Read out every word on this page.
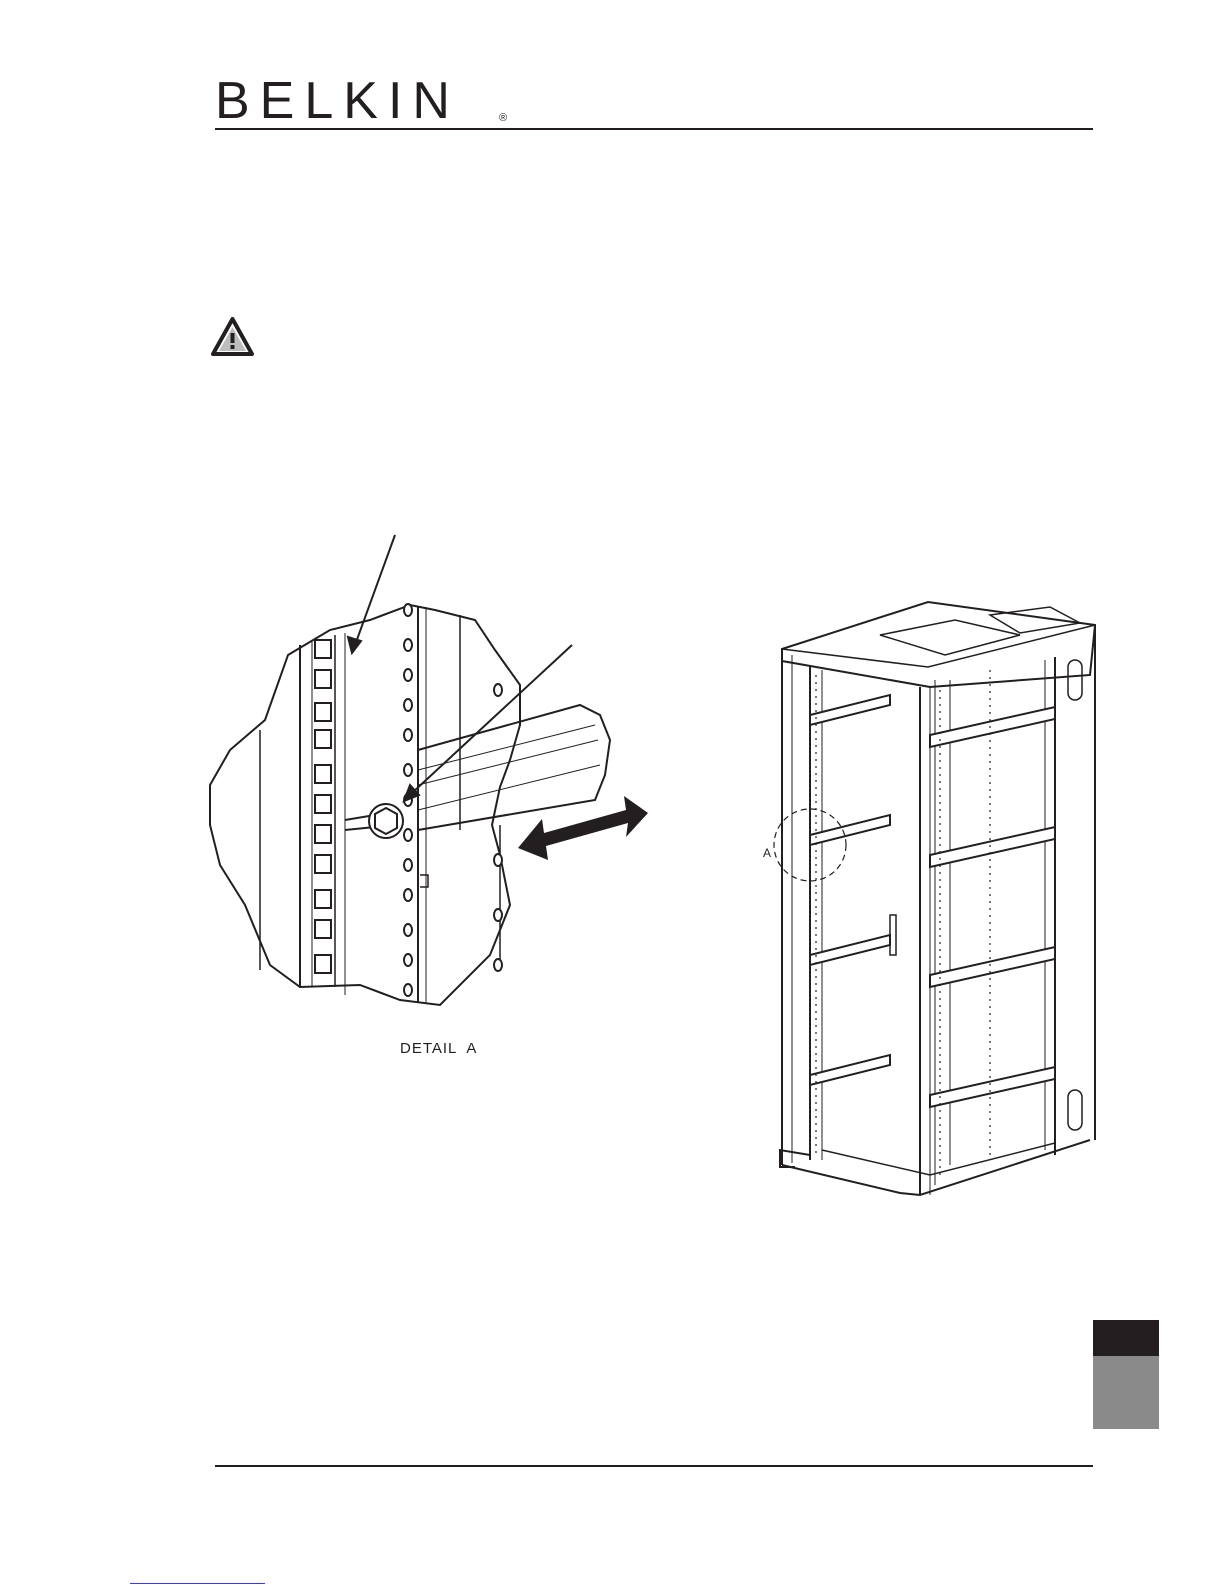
BELKIN	®
DETAIL  A
A
